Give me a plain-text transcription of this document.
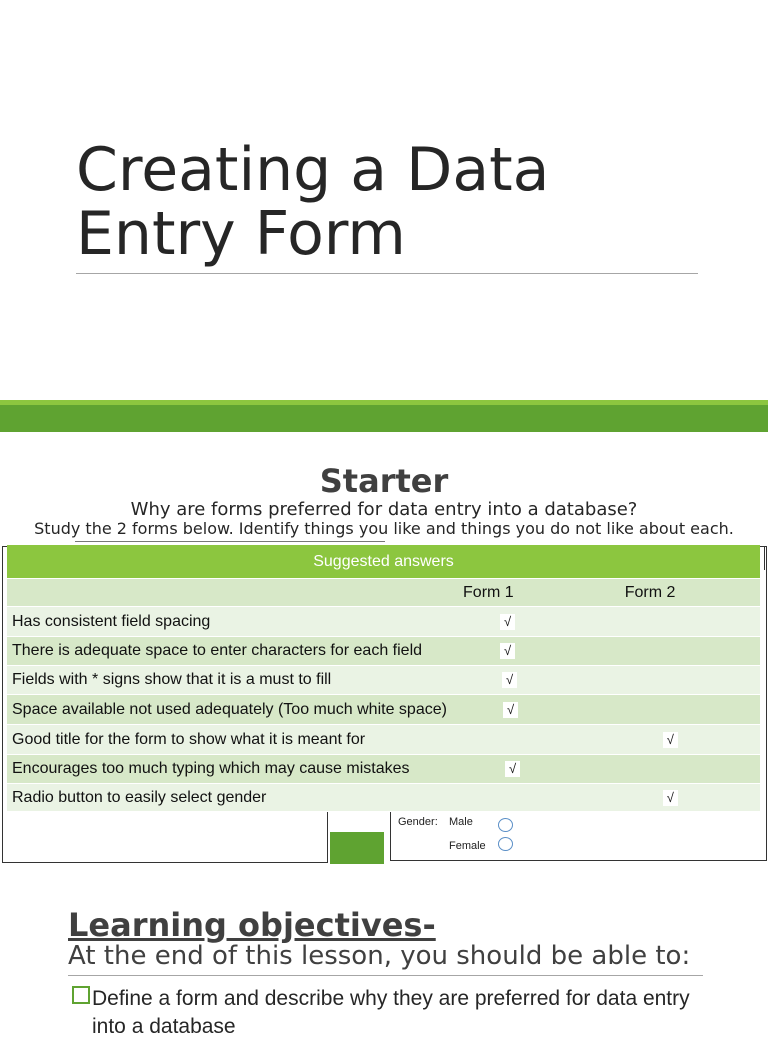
Creating a Data
Entry Form
Starter
Why are forms preferred for data entry into a database?
Study the 2 forms below. Identify things you like and things you do not like about each.
Gender: Male
Female
Suggested answers		
	Form 1	Form 2
Has consistent field spacing	√	
There is adequate space to enter characters for each field	√	
Fields with * signs show that it is a must to fill	√	
Space available not used adequately (Too much white space)	√	
Good title for the form to show what it is meant for		√
Encourages too much typing which may cause mistakes	√	
Radio button to easily select gender		√
Learning objectives-
At the end of this lesson, you should be able to:
Define a form and describe why they are preferred for data entry into a database
